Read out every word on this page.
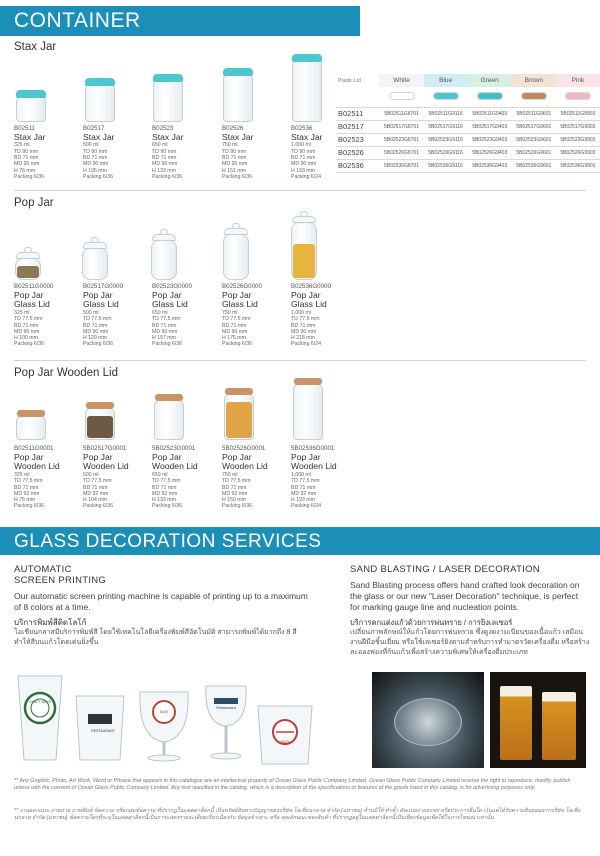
CONTAINER
Stax Jar
B02511
Stax Jar
325 ml
TD 90 mm
BD 71 mm
MD 90 mm
H 76 mm
Packing 6/36
B02517
Stax Jar
500 ml
TD 90 mm
BD 71 mm
MD 90 mm
H 105 mm
Packing 6/36
B02523
Stax Jar
650 ml
TD 90 mm
BD 71 mm
MD 90 mm
H 133 mm
Packing 6/36
B02526
Stax Jar
750 ml
TD 90 mm
BD 71 mm
MD 90 mm
H 151 mm
Packing 6/36
B02536
Stax Jar
1,000 ml
TD 90 mm
BD 71 mm
MD 90 mm
H 193 mm
Packing 6/24
Plastic Lid	White	Blue	Green	Brown	Pink

B02511	5B02511G8701	5B02511G9116	5B02511G9403	5B02511G9601	5B02511G9903
B02517	5B02517G8701	5B02517G9116	5B02517G9403	5B02517G9601	5B02517G9903
B02523	5B02523G8701	5B02523G9116	5B02523G9403	5B02523G9601	5B02523G9903
B02526	5B02526G8701	5B02526G9116	5B02526G9403	5B02526G9601	5B02526G9903
B02536	5B02536G8701	5B02536G9116	5B02536G9403	5B02536G9601	5B02536G9903
Pop Jar
B02511G0000
Pop Jar
Glass Lid
325 ml
TD 77.5 mm
BD 71 mm
MD 90 mm
H 100 mm
Packing 6/36
B02517G0000
Pop Jar
Glass Lid
500 ml
TD 77.5 mm
BD 71 mm
MD 90 mm
H 129 mm
Packing 6/36
B02523G0000
Pop Jar
Glass Lid
650 ml
TD 77.5 mm
BD 71 mm
MD 90 mm
H 157 mm
Packing 6/36
B02526G0000
Pop Jar
Glass Lid
750 ml
TD 77.5 mm
BD 71 mm
MD 90 mm
H 175 mm
Packing 6/36
B02536G0000
Pop Jar
Glass Lid
1,000 ml
TD 77.5 mm
BD 71 mm
MD 90 mm
H 218 mm
Packing 6/24
Pop Jar Wooden Lid
B02511G0001
Pop Jar
Wooden Lid
325 ml
TD 77.5 mm
BD 71 mm
MD 92 mm
H 75 mm
Packing 6/36
5B02517G0001
Pop Jar
Wooden Lid
500 ml
TD 77.5 mm
BD 71 mm
MD 92 mm
H 104 mm
Packing 6/36
5B02523G0001
Pop Jar
Wooden Lid
650 ml
TD 77.5 mm
BD 71 mm
MD 92 mm
H 133 mm
Packing 6/36
5B02526G0001
Pop Jar
Wooden Lid
750 ml
TD 77.5 mm
BD 71 mm
MD 92 mm
H 150 mm
Packing 6/36
5B02536G0001
Pop Jar
Wooden Lid
1,000 ml
TD 77.5 mm
BD 71 mm
MD 92 mm
H 193 mm
Packing 6/24
GLASS DECORATION SERVICES
AUTOMATIC
SCREEN PRINTING
Our automatic screen printing machine is capable of printing up to a maximum of 8 colors at a time.
บริการพิมพ์สีติดโลโก้
โอเชียนกลาสมีบริการพิมพ์สี โดยใช้เทคโนโลยีเครื่องพิมพ์สีอัตโนมัติ สามารถพิมพ์ได้มากถึง 8 สี ทำให้สีบนแก้วโดดเด่นยิ่งขึ้น
CRAFT BEER
RESTAURANT
BAR
Restaurant
BAR
SAND BLASTING / LASER DECORATION
Sand Blasting process offers hand crafted look decoration on the glass or our new "Laser Decoration" technique, is perfect for marking gauge line and nucleation points.
บริการตกแต่งแก้วด้วยการพ่นทราย / การยิงเลเซอร์
เปลี่ยนภาพลักษณ์ให้แก้วโดยการพ่นทราย ซึ่งดูงดงามเนียนของเนื้อแก้ว เสมือนงานฝีมือชิ้นเยี่ยม หรือใช้เลเซอร์ยิงตามสำหรับการทำมาตรวัดเครื่องดื่ม หรือสร้างละอองฟองที่ก้นแก้วเพื่อสร้างความพิเศษให้เครื่องดื่มประเภท
** Any Graphic, Photo, Art Work, Word or Phrase that appears in this catalogue are an intellectual property of Ocean Glass Public Company Limited. Ocean Glass Public Company Limited reserve the right to reproduce, modify, publish unless with the consent of Ocean Glass Public Company Limited. Any text specified in the catalog, which is a description of the specifications or features of the goods listed in this catalog, is for advertising purposes only.
** งานออกแบบ ภาพถ่าย ภาพพิมพ์ ข้อความ หรือกลุ่มข้อความ ที่ปรากฏในแคตตาล็อกนี้ เป็นทรัพย์สินทางปัญญาของบริษัท โอเชียนกลาส จำกัด (มหาชน) ห้ามมิให้ ทำซ้ำ ดัดแปลง เผยแพร่ หรือประการอื่นใด เว้นแต่ได้รับความยินยอมจากบริษัท โอเชียนกลาส จำกัด (มหาชน) ข้อความใดๆที่ระบุในแคตตาล็อกนี้เป็นการแสดงรายละเอียดเกี่ยวเนื่องกับ ข้อมูลจำเพาะ หรือ คุณลักษณะของสินค้า ที่ปรากฏอยู่ในแคตตาล็อกนี้เป็นเพียงข้อมูลเพื่อใช้ในการโฆษณาเท่านั้น
